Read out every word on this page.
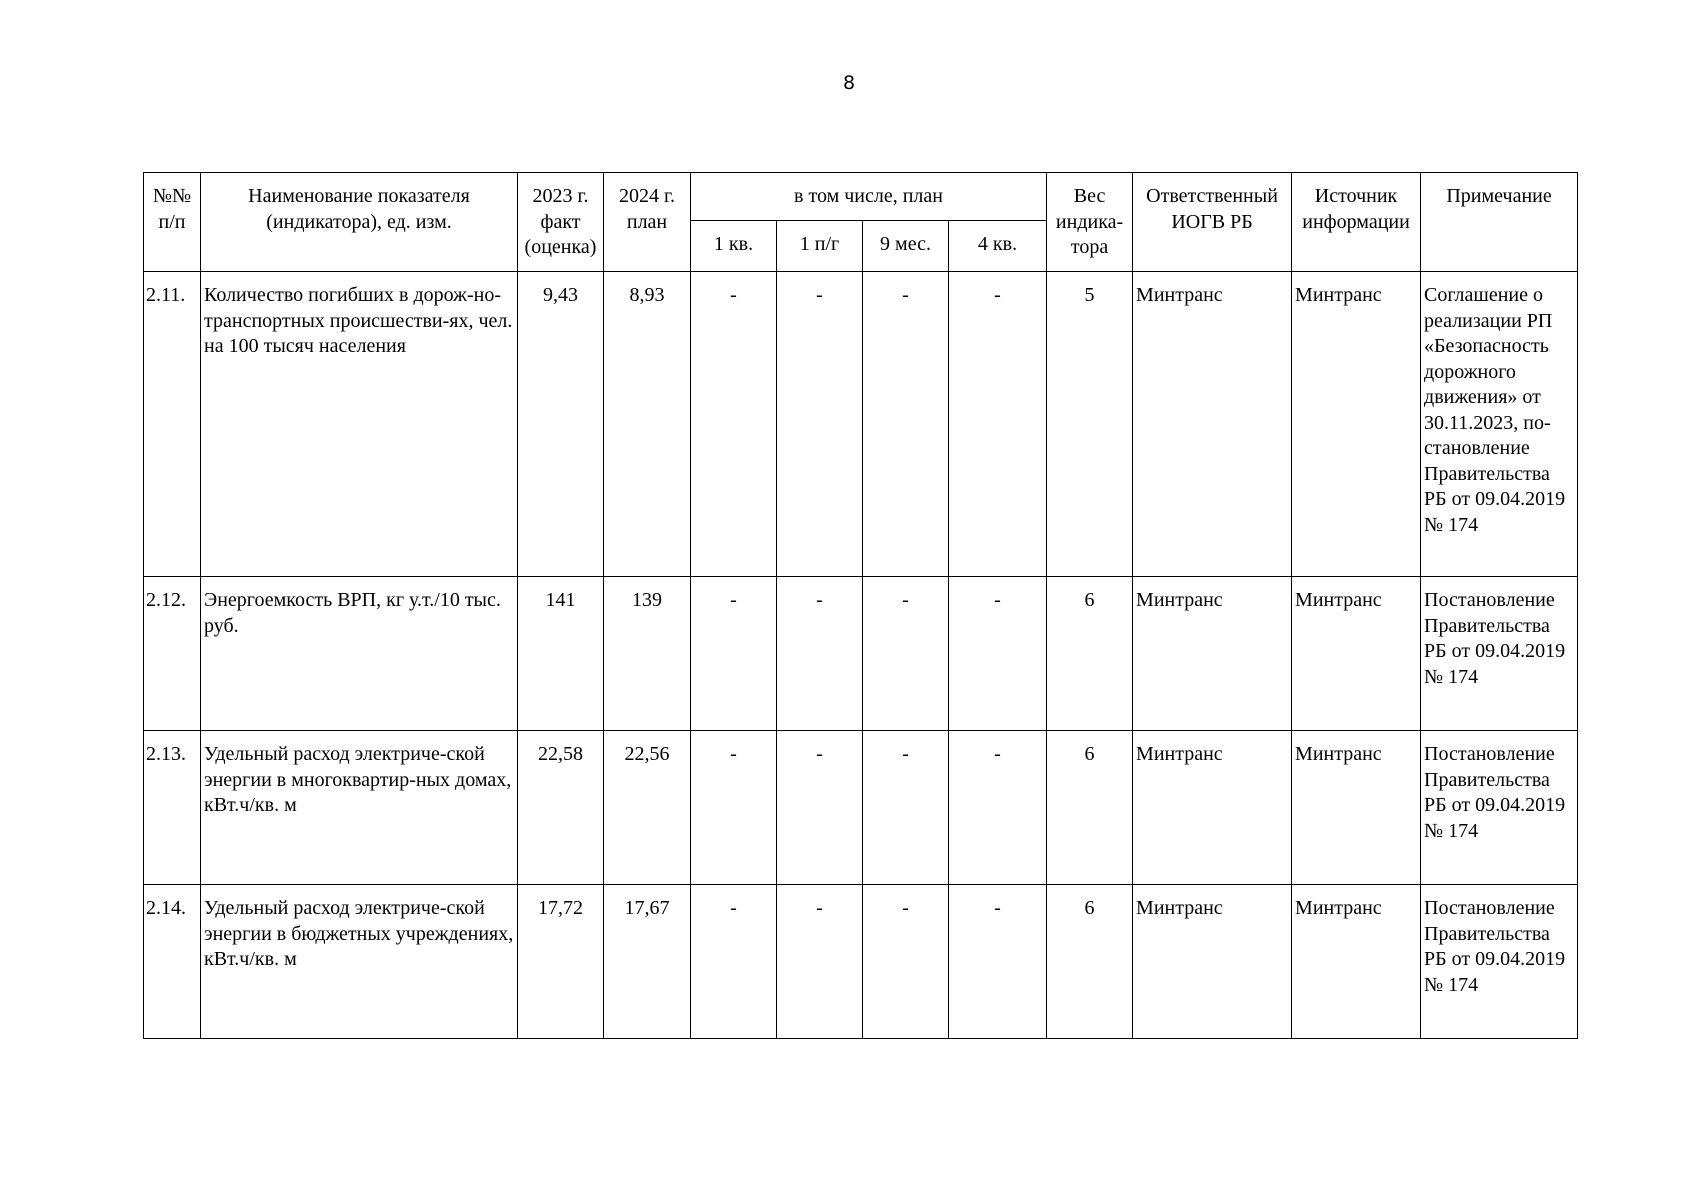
8
№№ п/п	Наименование показателя (индикатора), ед. изм.	2023 г. факт (оценка)	2024 г. план	в том числе, план				Вес индика-тора	Ответственный ИОГВ РБ	Источник информации	Примечание

				1 кв.	1 п/г	9 мес.	4 кв.				

2.11.	Количество погибших в дорож-но-транспортных происшестви-ях, чел. на 100 тысяч населения	9,43	8,93	-	-	-	-	5	Минтранс	Минтранс	Соглашение о реализации РП «Безопасность дорожного движения» от 30.11.2023, по-становление Правительства РБ от 09.04.2019 № 174

2.12.	Энергоемкость ВРП, кг у.т./10 тыс. руб.	141	139	-	-	-	-	6	Минтранс	Минтранс	Постановление Правительства РБ от 09.04.2019 № 174

2.13.	Удельный расход электриче-ской энергии в многоквартир-ных домах, кВт.ч/кв. м	22,58	22,56	-	-	-	-	6	Минтранс	Минтранс	Постановление Правительства РБ от 09.04.2019 № 174

2.14.	Удельный расход электриче-ской энергии в бюджетных учреждениях, кВт.ч/кв. м	17,72	17,67	-	-	-	-	6	Минтранс	Минтранс	Постановление Правительства РБ от 09.04.2019 № 174
